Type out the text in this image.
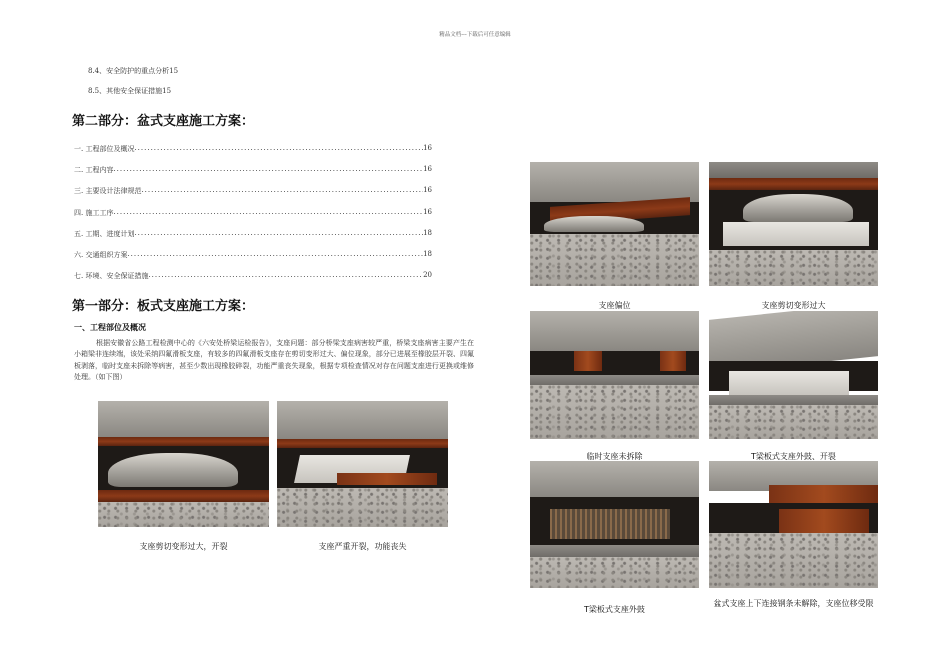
精品文档---下载后可任意编辑
8.4、安全防护的重点分析15
8.5、其他安全保证措施15
第二部分：盆式支座施工方案：
一. 工程部位及概况 .....	16
二. 工程内容 .....	16
三. 主要设计法律规范 .....	16
四. 施工工序 .....	16
五. 工期、进度计划 .....	18
六. 交通组织方案 .....	18
七. 环境、安全保证措施 .....	20
第一部分：板式支座施工方案：
一、工程部位及概况
根据安徽省公路工程检测中心的《六安处桥梁运检报告》，支座问题：部分桥梁支座病害较严重，桥梁支座病害主要产生在小箱梁非连续端，该处采纳四氟滑板支座，有较多的四氟滑板支座存在剪切变形过大、偏位现象，部分已进展至橡胶层开裂、四氟板剥落，临时支座未拆除等病害，甚至少数出现橡胶碎裂，功能严重丧失现象，根据专项检查情况对存在问题支座进行更换或维修处理。（如下图）
支座剪切变形过大，开裂	支座严重开裂，功能丧失
支座偏位	支座剪切变形过大
临时支座未拆除	T梁板式支座外鼓、开裂
T梁板式支座外鼓
盆式支座上下连接钢条未解除，支座位移受限
